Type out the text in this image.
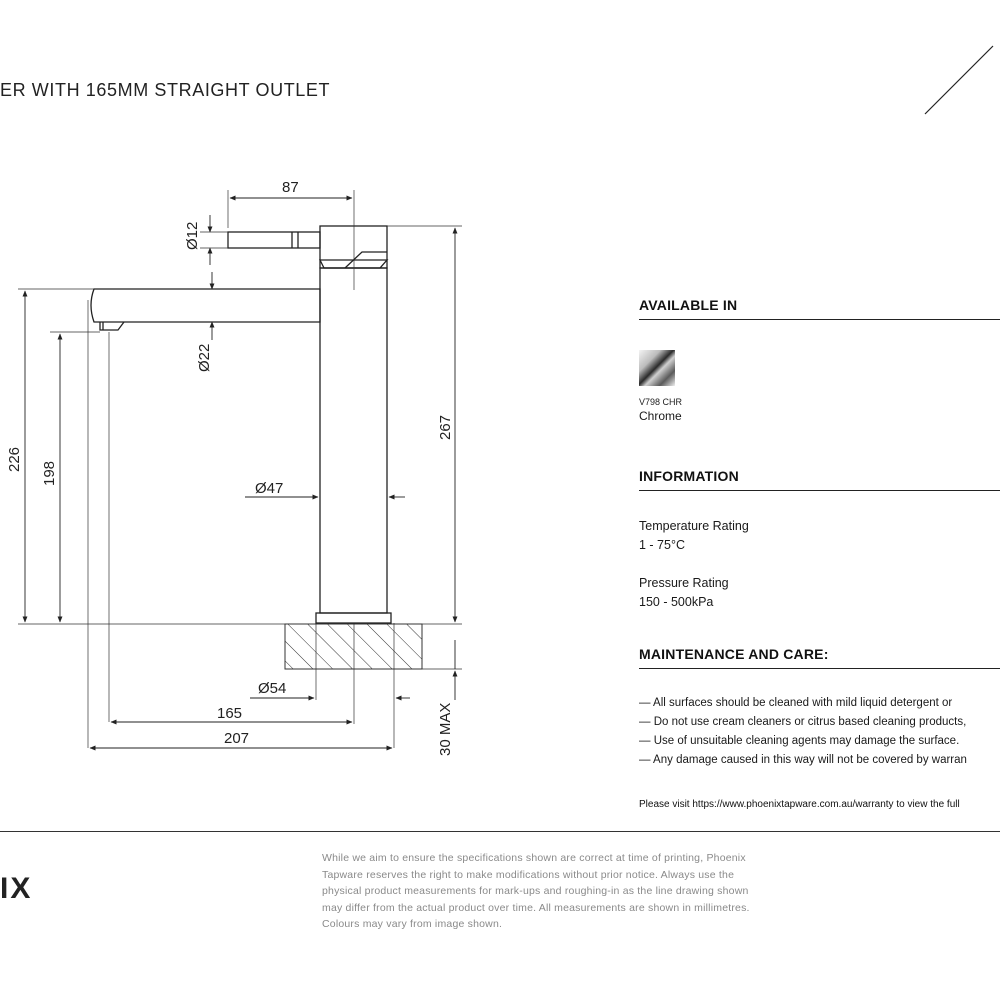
ER WITH 165MM STRAIGHT OUTLET
87
Ø12
Ø22
Ø47
Ø54
226
198
267
165
207	30 MAX
AVAILABLE IN
V798 CHR
Chrome
INFORMATION
Temperature Rating
1 - 75°C
Pressure Rating
150 - 500kPa
MAINTENANCE AND CARE:
— All surfaces should be cleaned with mild liquid detergent or
— Do not use cream cleaners or citrus based cleaning products,
— Use of unsuitable cleaning agents may damage the surface.
— Any damage caused in this way will not be covered by warran
Please visit https://www.phoenixtapware.com.au/warranty to view the full
IX
While we aim to ensure the specifications shown are correct at time of printing, Phoenix Tapware reserves the right to make modifications without prior notice. Always use the physical product measurements for mark-ups and roughing-in as the line drawing shown may differ from the actual product over time. All measurements are shown in millimetres. Colours may vary from image shown.
